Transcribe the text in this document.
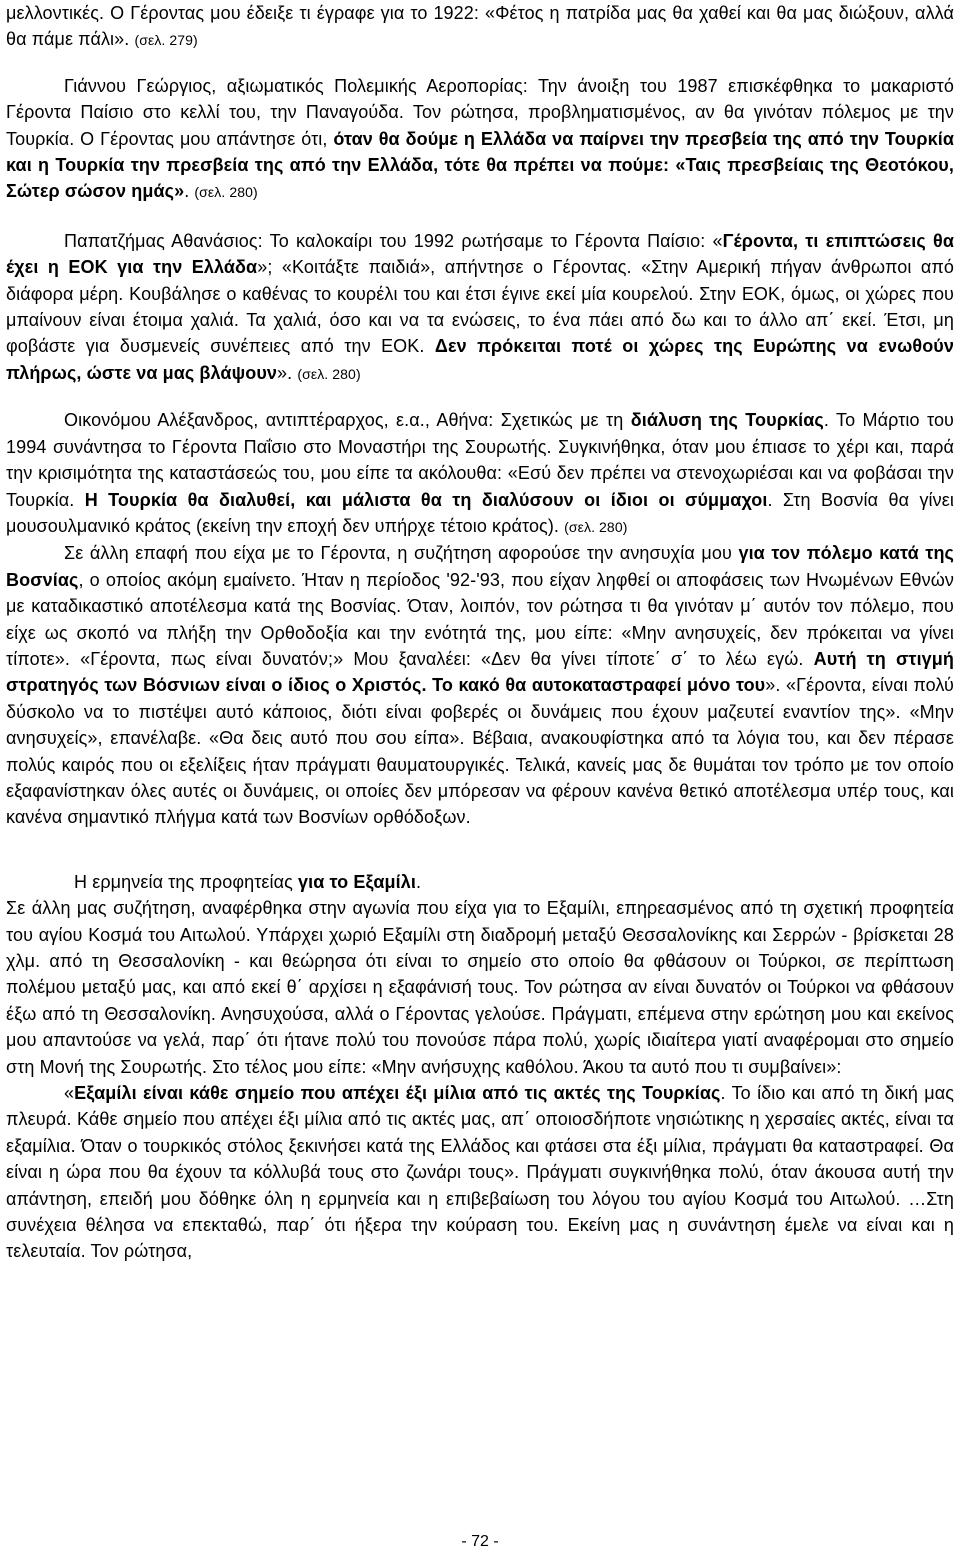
μελλοντικές. Ο Γέροντας μου έδειξε τι έγραφε για το 1922: «Φέτος η πατρίδα μας θα χαθεί και θα μας διώξουν, αλλά θα πάμε πάλι». (σελ. 279)

Γιάννου Γεώργιος, αξιωματικός Πολεμικής Αεροπορίας: Την άνοιξη του 1987 επισκέφθηκα το μακαριστό Γέροντα Παίσιο στο κελλί του, την Παναγούδα. Τον ρώτησα, προβληματισμένος, αν θα γινόταν πόλεμος με την Τουρκία. Ο Γέροντας μου απάντησε ότι, όταν θα δούμε η Ελλάδα να παίρνει την πρεσβεία της από την Τουρκία και η Τουρκία την πρεσβεία της από την Ελλάδα, τότε θα πρέπει να πούμε: «Ταις πρεσβείαις της Θεοτόκου, Σώτερ σώσον ημάς». (σελ. 280)

Παπατζήμας Αθανάσιος: Το καλοκαίρι του 1992 ρωτήσαμε το Γέροντα Παίσιο: «Γέροντα, τι επιπτώσεις θα έχει η ΕΟΚ για την Ελλάδα»; «Κοιτάξτε παιδιά», απήντησε ο Γέροντας. «Στην Αμερική πήγαν άνθρωποι από διάφορα μέρη. Κουβάλησε ο καθένας το κουρέλι του και έτσι έγινε εκεί μία κουρελού. Στην ΕΟΚ, όμως, οι χώρες που μπαίνουν είναι έτοιμα χαλιά. Τα χαλιά, όσο και να τα ενώσεις, το ένα πάει από δω και το άλλο απ΄ εκεί. Έτσι, μη φοβάστε για δυσμενείς συνέπειες από την ΕΟΚ. Δεν πρόκειται ποτέ οι χώρες της Ευρώπης να ενωθούν πλήρως, ώστε να μας βλάψουν». (σελ. 280)

Οικονόμου Αλέξανδρος, αντιπτέραρχος, ε.α., Αθήνα: Σχετικώς με τη διάλυση της Τουρκίας. Το Μάρτιο του 1994 συνάντησα το Γέροντα Παΐσιο στο Μοναστήρι της Σουρωτής. Συγκινήθηκα, όταν μου έπιασε το χέρι και, παρά την κρισιμότητα της καταστάσεώς του, μου είπε τα ακόλουθα: «Εσύ δεν πρέπει να στενοχωριέσαι και να φοβάσαι την Τουρκία. Η Τουρκία θα διαλυθεί, και μάλιστα θα τη διαλύσουν οι ίδιοι οι σύμμαχοι. Στη Βοσνία θα γίνει μουσουλμανικό κράτος (εκείνη την εποχή δεν υπήρχε τέτοιο κράτος). (σελ. 280)

Σε άλλη επαφή που είχα με το Γέροντα, η συζήτηση αφορούσε την ανησυχία μου για τον πόλεμο κατά της Βοσνίας, ο οποίος ακόμη εμαίνετο. Ήταν η περίοδος '92-'93, που είχαν ληφθεί οι αποφάσεις των Ηνωμένων Εθνών με καταδικαστικό αποτέλεσμα κατά της Βοσνίας. Όταν, λοιπόν, τον ρώτησα τι θα γινόταν μ΄ αυτόν τον πόλεμο, που είχε ως σκοπό να πλήξη την Ορθοδοξία και την ενότητά της, μου είπε: «Μην ανησυχείς, δεν πρόκειται να γίνει τίποτε». «Γέροντα, πως είναι δυνατόν;» Μου ξαναλέει: «Δεν θα γίνει τίποτε΄ σ΄ το λέω εγώ. Αυτή τη στιγμή στρατηγός των Βόσνιων είναι ο ίδιος ο Χριστός. Το κακό θα αυτοκαταστραφεί μόνο του». «Γέροντα, είναι πολύ δύσκολο να το πιστέψει αυτό κάποιος, διότι είναι φοβερές οι δυνάμεις που έχουν μαζευτεί εναντίον της». «Μην ανησυχείς», επανέλαβε. «Θα δεις αυτό που σου είπα». Βέβαια, ανακουφίστηκα από τα λόγια του, και δεν πέρασε πολύς καιρός που οι εξελίξεις ήταν πράγματι θαυματουργικές. Τελικά, κανείς μας δε θυμάται τον τρόπο με τον οποίο εξαφανίστηκαν όλες αυτές οι δυνάμεις, οι οποίες δεν μπόρεσαν να φέρουν κανένα θετικό αποτέλεσμα υπέρ τους, και κανένα σημαντικό πλήγμα κατά των Βοσνίων ορθόδοξων.

Η ερμηνεία της προφητείας για το Εξαμίλι.

Σε άλλη μας συζήτηση, αναφέρθηκα στην αγωνία που είχα για το Εξαμίλι, επηρεασμένος από τη σχετική προφητεία του αγίου Κοσμά του Αιτωλού. Υπάρχει χωριό Εξαμίλι στη διαδρομή μεταξύ Θεσσαλονίκης και Σερρών - βρίσκεται 28 χλμ. από τη Θεσσαλονίκη - και θεώρησα ότι είναι το σημείο στο οποίο θα φθάσουν οι Τούρκοι, σε περίπτωση πολέμου μεταξύ μας, και από εκεί θ΄ αρχίσει η εξαφάνισή τους. Τον ρώτησα αν είναι δυνατόν οι Τούρκοι να φθάσουν έξω από τη Θεσσαλονίκη. Ανησυχούσα, αλλά ο Γέροντας γελούσε. Πράγματι, επέμενα στην ερώτηση μου και εκείνος μου απαντούσε να γελά, παρ΄ ότι ήτανε πολύ του πονούσε πάρα πολύ, χωρίς ιδιαίτερα γιατί αναφέρομαι στο σημείο στη Μονή της Σουρωτής. Στο τέλος μου είπε: «Μην ανήσυχης καθόλου. Άκου τα αυτό που τι συμβαίνει»:

«Εξαμίλι είναι κάθε σημείο που απέχει έξι μίλια από τις ακτές της Τουρκίας. Το ίδιο και από τη δική μας πλευρά. Κάθε σημείο που απέχει έξι μίλια από τις ακτές μας, απ΄ οποιοσδήποτε νησιώτικης η χερσαίες ακτές, είναι τα εξαμίλια. Όταν ο τουρκικός στόλος ξεκινήσει κατά της Ελλάδος και φτάσει στα έξι μίλια, πράγματι θα καταστραφεί. Θα είναι η ώρα που θα έχουν τα κόλλυβά τους στο ζωνάρι τους». Πράγματι συγκινήθηκα πολύ, όταν άκουσα αυτή την απάντηση, επειδή μου δόθηκε όλη η ερμηνεία και η επιβεβαίωση του λόγου του αγίου Κοσμά του Αιτωλού. …Στη συνέχεια θέλησα να επεκταθώ, παρ΄ ότι ήξερα την κούραση του. Εκείνη μας η συνάντηση έμελε να είναι και η τελευταία. Τον ρώτησα,

- 72 -
